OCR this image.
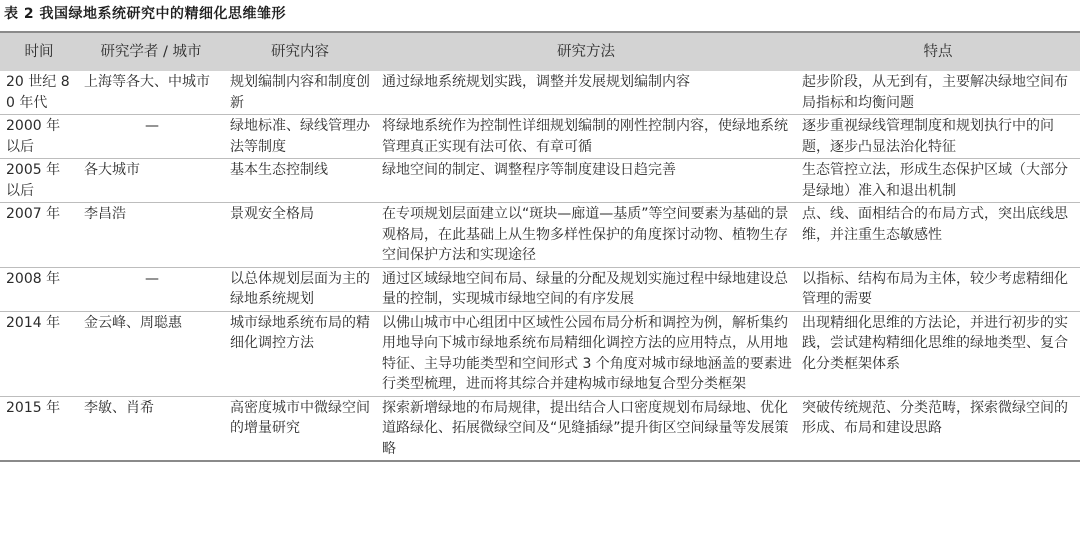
表 2 我国绿地系统研究中的精细化思维雏形
时间	研究学者 / 城市	研究内容	研究方法	特点
20 世纪 80 年代	上海等各大、中城市	规划编制内容和制度创新	通过绿地系统规划实践，调整并发展规划编制内容	起步阶段，从无到有，主要解决绿地空间布局指标和均衡问题
2000 年以后	—	绿地标准、绿线管理办法等制度	将绿地系统作为控制性详细规划编制的刚性控制内容，使绿地系统管理真正实现有法可依、有章可循	逐步重视绿线管理制度和规划执行中的问题，逐步凸显法治化特征
2005 年以后	各大城市	基本生态控制线	绿地空间的制定、调整程序等制度建设日趋完善	生态管控立法，形成生态保护区域（大部分是绿地）准入和退出机制
2007 年	李昌浩	景观安全格局	在专项规划层面建立以“斑块—廊道—基质”等空间要素为基础的景观格局，在此基础上从生物多样性保护的角度探讨动物、植物生存空间保护方法和实现途径	点、线、面相结合的布局方式，突出底线思维，并注重生态敏感性
2008 年	—	以总体规划层面为主的绿地系统规划	通过区域绿地空间布局、绿量的分配及规划实施过程中绿地建设总量的控制，实现城市绿地空间的有序发展	以指标、结构布局为主体，较少考虑精细化管理的需要
2014 年	金云峰、周聪惠	城市绿地系统布局的精细化调控方法	以佛山城市中心组团中区域性公园布局分析和调控为例，解析集约用地导向下城市绿地系统布局精细化调控方法的应用特点，从用地特征、主导功能类型和空间形式 3 个角度对城市绿地涵盖的要素进行类型梳理，进而将其综合并建构城市绿地复合型分类框架	出现精细化思维的方法论，并进行初步的实践，尝试建构精细化思维的绿地类型、复合化分类框架体系
2015 年	李敏、肖希	高密度城市中微绿空间的增量研究	探索新增绿地的布局规律，提出结合人口密度规划布局绿地、优化道路绿化、拓展微绿空间及“见缝插绿”提升街区空间绿量等发展策略	突破传统规范、分类范畴，探索微绿空间的形成、布局和建设思路
